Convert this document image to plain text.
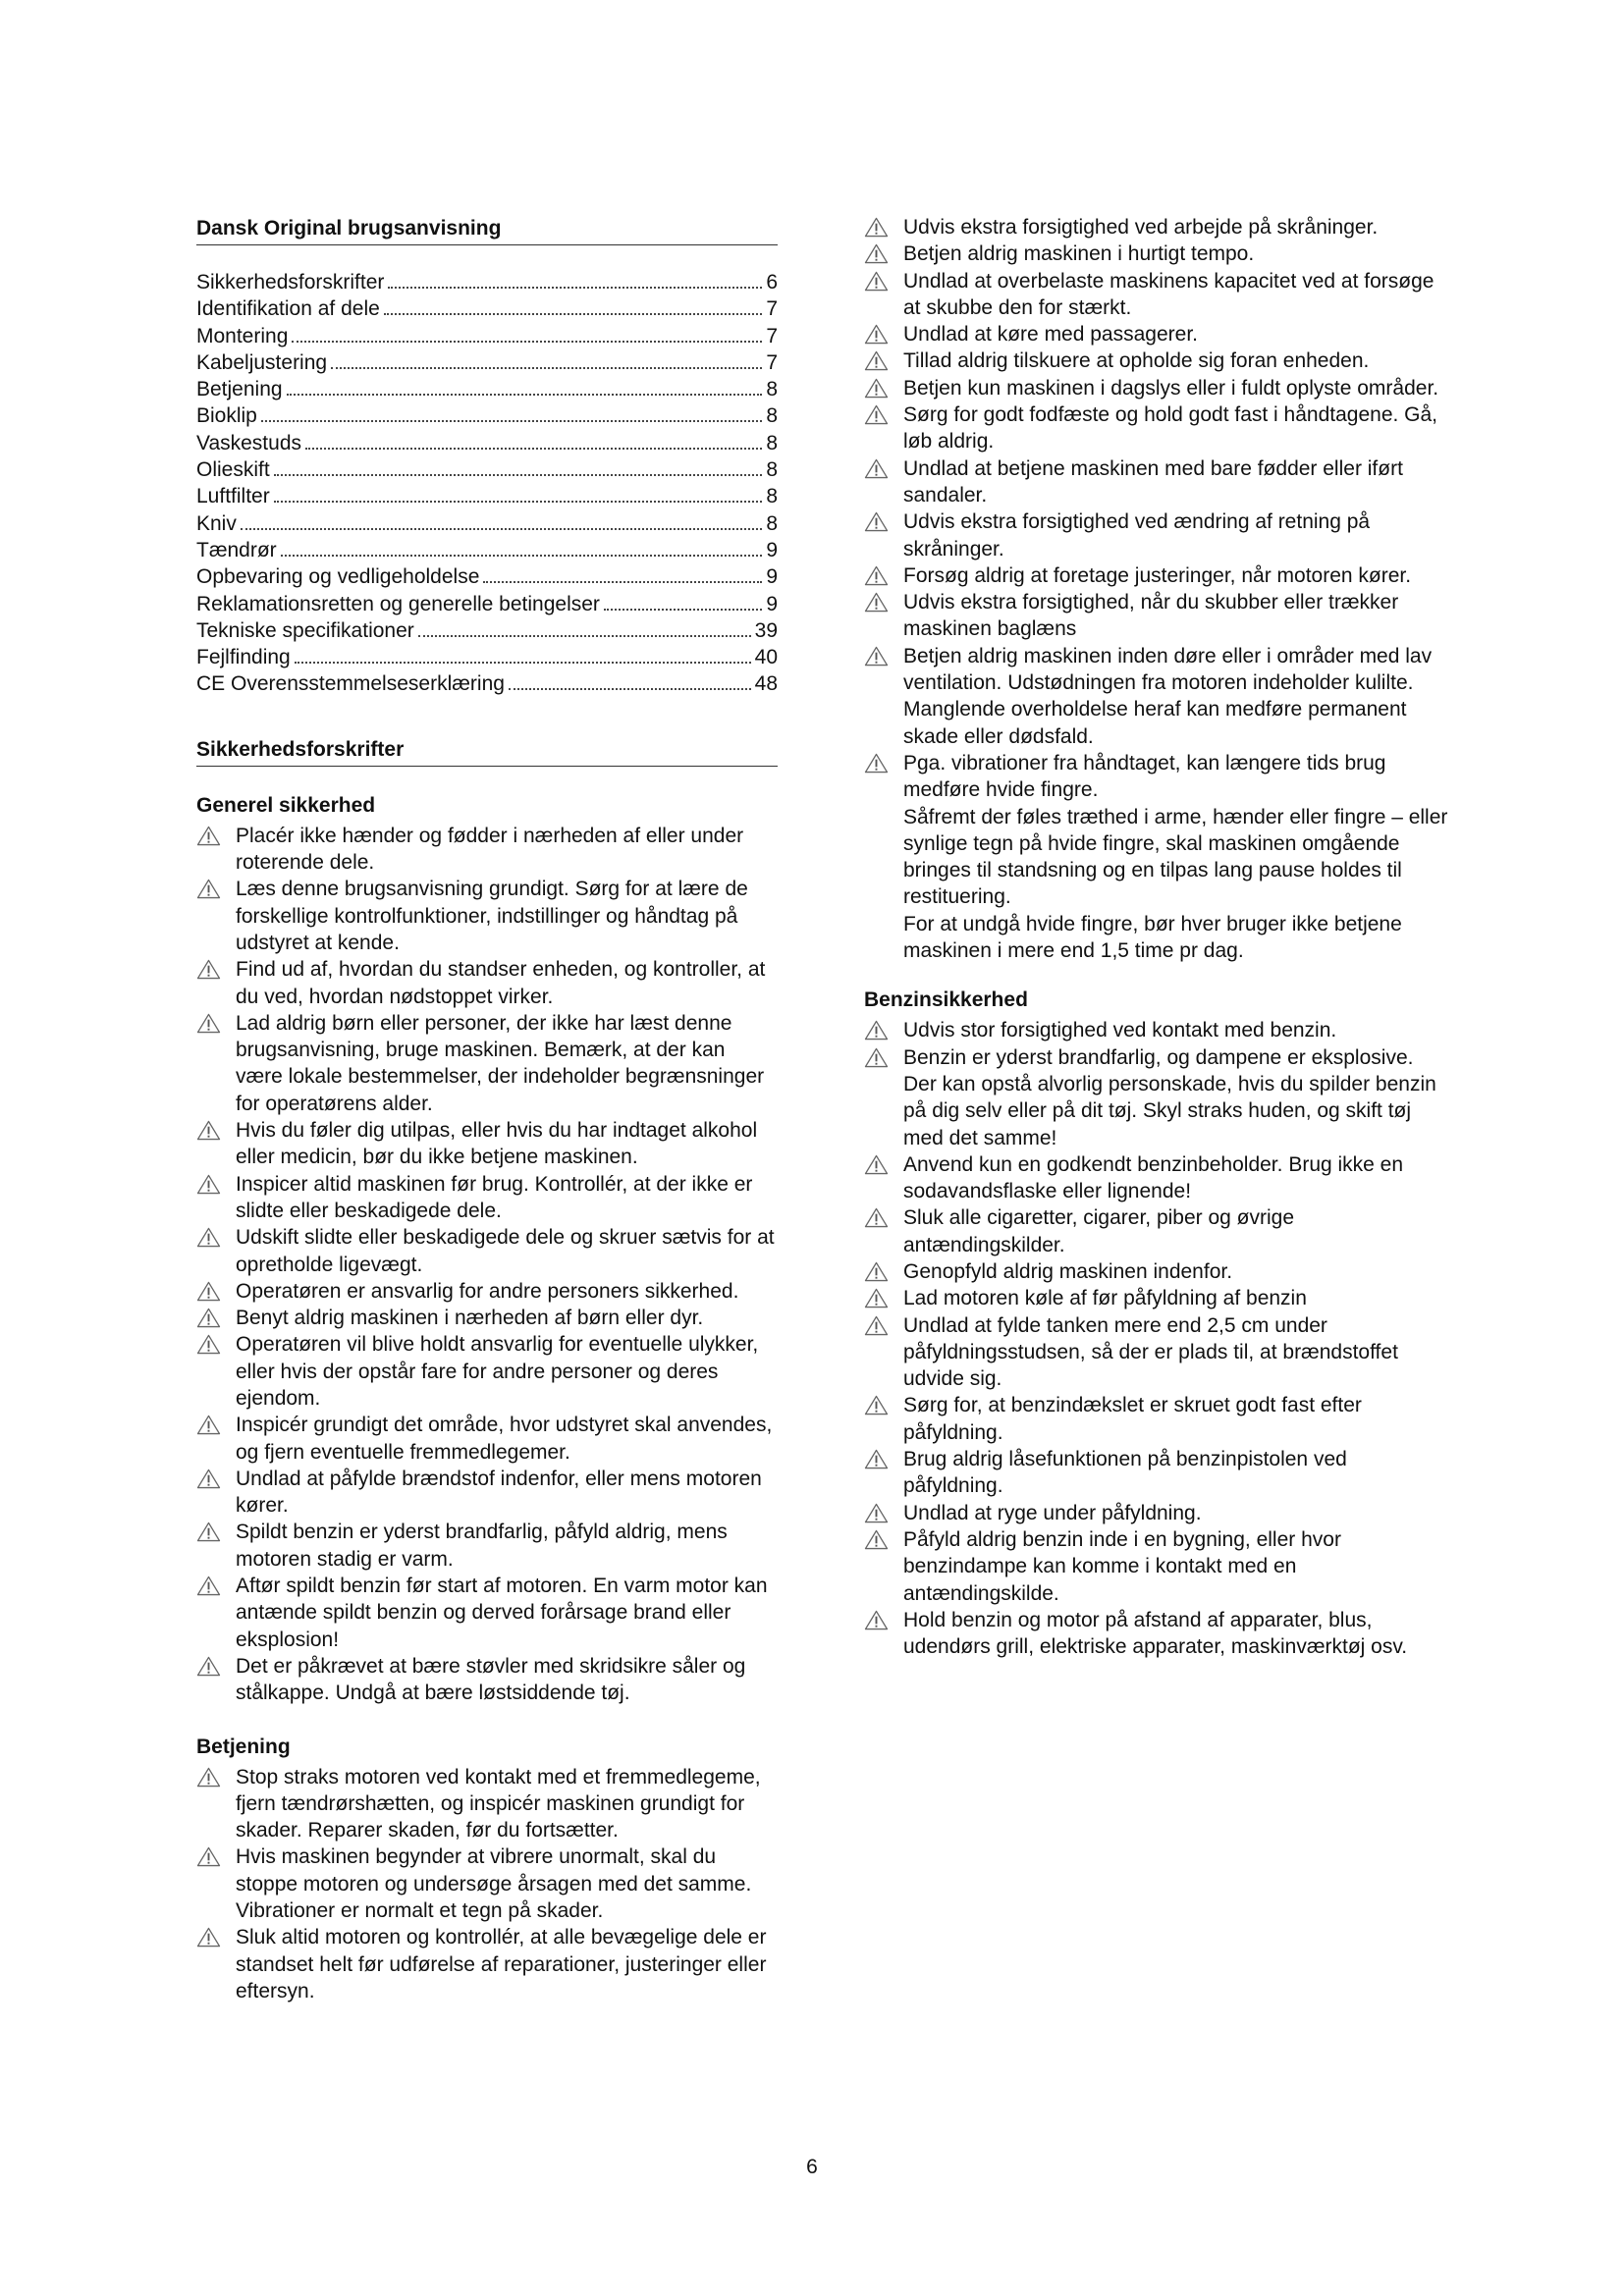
Dansk Original brugsanvisning
Sikkerhedsforskrifter	6
Identifikation af dele	7
Montering	7
Kabeljustering	7
Betjening	8
Bioklip	8
Vaskestuds	8
Olieskift	8
Luftfilter	8
Kniv	8
Tændrør	9
Opbevaring og vedligeholdelse	9
Reklamationsretten og generelle betingelser	9
Tekniske specifikationer	39
Fejlfinding	40
CE Overensstemmelseserklæring	48
Sikkerhedsforskrifter
Generel sikkerhed
Placér ikke hænder og fødder i nærheden af eller under roterende dele.
Læs denne brugsanvisning grundigt. Sørg for at lære de forskellige kontrolfunktioner, indstillinger og håndtag på udstyret at kende.
Find ud af, hvordan du standser enheden, og kontroller, at du ved, hvordan nødstoppet virker.
Lad aldrig børn eller personer, der ikke har læst denne brugsanvisning, bruge maskinen. Bemærk, at der kan være lokale bestemmelser, der indeholder begrænsninger for operatørens alder.
Hvis du føler dig utilpas, eller hvis du har indtaget alkohol eller medicin, bør du ikke betjene maskinen.
Inspicer altid maskinen før brug. Kontrollér, at der ikke er slidte eller beskadigede dele.
Udskift slidte eller beskadigede dele og skruer sætvis for at opretholde ligevægt.
Operatøren er ansvarlig for andre personers sikkerhed.
Benyt aldrig maskinen i nærheden af børn eller dyr.
Operatøren vil blive holdt ansvarlig for eventuelle ulykker, eller hvis der opstår fare for andre personer og deres ejendom.
Inspicér grundigt det område, hvor udstyret skal anvendes, og fjern eventuelle fremmedlegemer.
Undlad at påfylde brændstof indenfor, eller mens motoren kører.
Spildt benzin er yderst brandfarlig, påfyld aldrig, mens motoren stadig er varm.
Aftør spildt benzin før start af motoren. En varm motor kan antænde spildt benzin og derved forårsage brand eller eksplosion!
Det er påkrævet at bære støvler med skridsikre såler og stålkappe. Undgå at bære løstsiddende tøj.
Betjening
Stop straks motoren ved kontakt med et fremmedlegeme, fjern tændrørshætten, og inspicér maskinen grundigt for skader. Reparer skaden, før du fortsætter.
Hvis maskinen begynder at vibrere unormalt, skal du stoppe motoren og undersøge årsagen med det samme. Vibrationer er normalt et tegn på skader.
Sluk altid motoren og kontrollér, at alle bevægelige dele er standset helt før udførelse af reparationer, justeringer eller eftersyn.
Udvis ekstra forsigtighed ved arbejde på skråninger.
Betjen aldrig maskinen i hurtigt tempo.
Undlad at overbelaste maskinens kapacitet ved at forsøge at skubbe den for stærkt.
Undlad at køre med passagerer.
Tillad aldrig tilskuere at opholde sig foran enheden.
Betjen kun maskinen i dagslys eller i fuldt oplyste områder.
Sørg for godt fodfæste og hold godt fast i håndtagene. Gå, løb aldrig.
Undlad at betjene maskinen med bare fødder eller iført sandaler.
Udvis ekstra forsigtighed ved ændring af retning på skråninger.
Forsøg aldrig at foretage justeringer, når motoren kører.
Udvis ekstra forsigtighed, når du skubber eller trækker maskinen baglæns
Betjen aldrig maskinen inden døre eller i områder med lav ventilation. Udstødningen fra motoren indeholder kulilte. Manglende overholdelse heraf kan medføre permanent skade eller dødsfald.
Pga. vibrationer fra håndtaget, kan længere tids brug medføre hvide fingre.
Såfremt der føles træthed i arme, hænder eller fingre – eller synlige tegn på hvide fingre, skal maskinen omgående bringes til standsning og en tilpas lang pause holdes til restituering.
For at undgå hvide fingre, bør hver bruger ikke betjene maskinen i mere end 1,5 time pr dag.
Benzinsikkerhed
Udvis stor forsigtighed ved kontakt med benzin.
Benzin er yderst brandfarlig, og dampene er eksplosive. Der kan opstå alvorlig personskade, hvis du spilder benzin på dig selv eller på dit tøj. Skyl straks huden, og skift tøj med det samme!
Anvend kun en godkendt benzinbeholder. Brug ikke en sodavandsflaske eller lignende!
Sluk alle cigaretter, cigarer, piber og øvrige antændingskilder.
Genopfyld aldrig maskinen indenfor.
Lad motoren køle af før påfyldning af benzin
Undlad at fylde tanken mere end 2,5 cm under påfyldningsstudsen, så der er plads til, at brændstoffet udvide sig.
Sørg for, at benzindækslet er skruet godt fast efter påfyldning.
Brug aldrig låsefunktionen på benzinpistolen ved påfyldning.
Undlad at ryge under påfyldning.
Påfyld aldrig benzin inde i en bygning, eller hvor benzindampe kan komme i kontakt med en antændingskilde.
Hold benzin og motor på afstand af apparater, blus, udendørs grill, elektriske apparater, maskinværktøj osv.
6
